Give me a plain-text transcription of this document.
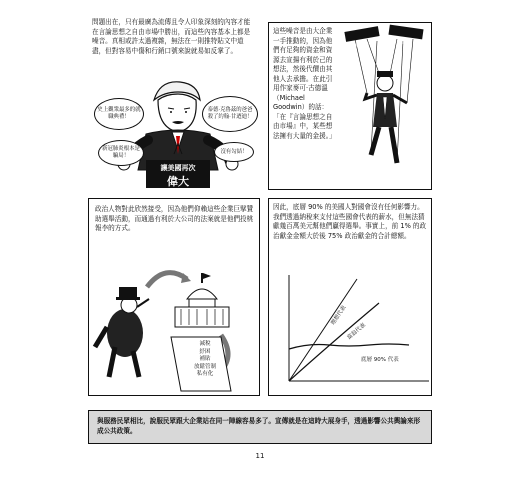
問題出在，只有最廣為流傳且令人印象深刻的內容才能在言論思想之自由市場中勝出，而這些內容基本上都是噪音。真相或許太過複雜，無法在一則推特貼文中道盡，但對容易中傷和行銷口號來說就易如反掌了。
讓美國再次
偉大
史上觀衆最多的就職典禮！
新冠肺炎根本是騙局！
泰德·克魯茲的爸爸殺了約翰·甘迺迪！
沒有勾結！
這些噪音是由大企業一手推動的，因為他們有足夠的資金和資源去宣揚有利於己的想法，然後代價由其他人去承擔。在此引用作家麥可·古德溫（Michael Goodwin）的話：「在『言論思想之自由市場』中，某些想法擁有大量的金援。」
企業贊助的智庫	媒體
政治人物對此欣然接受，因為他們仰賴這些企業巨擘贊助選舉活動，而通過有利於大公司的法案就是他們投桃報李的方式。
減稅
紓困
補貼
放鬆管制
私有化
因此，底層 90% 的美國人對國會沒有任何影響力。我們透過納稅來支付這些國會代表的薪水，但無法猜獻幾百萬美元幫他們贏得選舉。事實上，前 1% 的政治獻金金額大於後 75% 政治獻金的合計總額。
理想代表
富翁代表
底層 90% 代表
與服務民眾相比，說服民眾跟大企業站在同一陣線容易多了。宣傳就是在這時大展身手，透過影響公共輿論來形成公共政策。
11
